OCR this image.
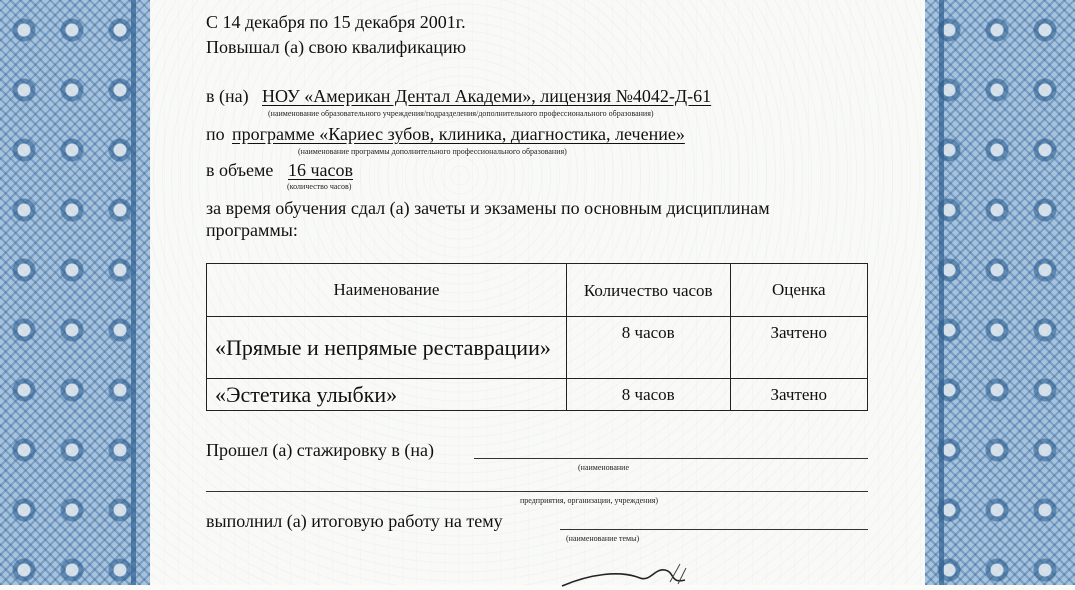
С 14 декабря по 15 декабря 2001г.
Повышал (а) свою квалификацию
в (на) НОУ «Американ Дентал Академи», лицензия №4042-Д-61
(наименование образовательного учреждения/подразделения/дополнительного профессионального образования)
по программе «Кариес зубов, клиника, диагностика, лечение»
(наименование программы дополнительного профессионального образования)
в объеме 16 часов
(количество часов)
за время обучения сдал (а) зачеты и экзамены по основным дисциплинам
программы:
Наименование	Количество часов	Оценка
«Прямые и непрямые реставрации»	8 часов	Зачтено
«Эстетика улыбки»	8 часов	Зачтено
Прошел (а) стажировку в (на)
(наименование
предприятия, организации, учреждения)
выполнил (а) итоговую работу на тему
(наименование темы)
